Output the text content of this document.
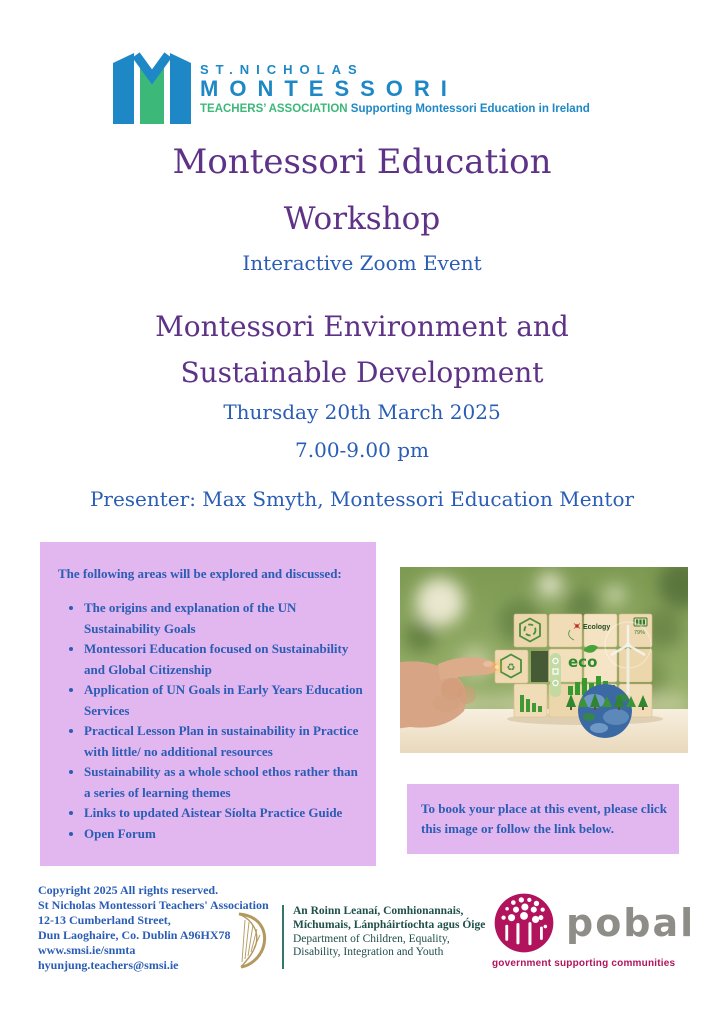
ST.NICHOLAS
MONTESSORI
TEACHERS’ ASSOCIATION Supporting Montessori Education in Ireland
Montessori Education
Workshop
Interactive Zoom Event
Montessori Environment and
Sustainable Development
Thursday 20th March 2025
7.00-9.00 pm
Presenter: Max Smyth, Montessori Education Mentor
The following areas will be explored and discussed:
• The origins and explanation of the UN Sustainability Goals
• Montessori Education focused on Sustainability and Global Citizenship
• Application of UN Goals in Early Years Education Services
• Practical Lesson Plan in sustainability in Practice with little/ no additional resources
• Sustainability as a whole school ethos rather than a series of learning themes
• Links to updated Aistear Síolta Practice Guide
• Open Forum
♻
Ecology
79%
eco
To book your place at this event, please click this image or follow the link below.
Copyright 2025 All rights reserved.
St Nicholas Montessori Teachers' Association
12-13 Cumberland Street,
Dun Laoghaire, Co. Dublin A96HX78
www.smsi.ie/snmta
hyunjung.teachers@smsi.ie
An Roinn Leanaí, Comhionannais,
Míchumais, Lánpháirtíochta agus Óige
Department of Children, Equality,
Disability, Integration and Youth
pobal
government supporting communities
